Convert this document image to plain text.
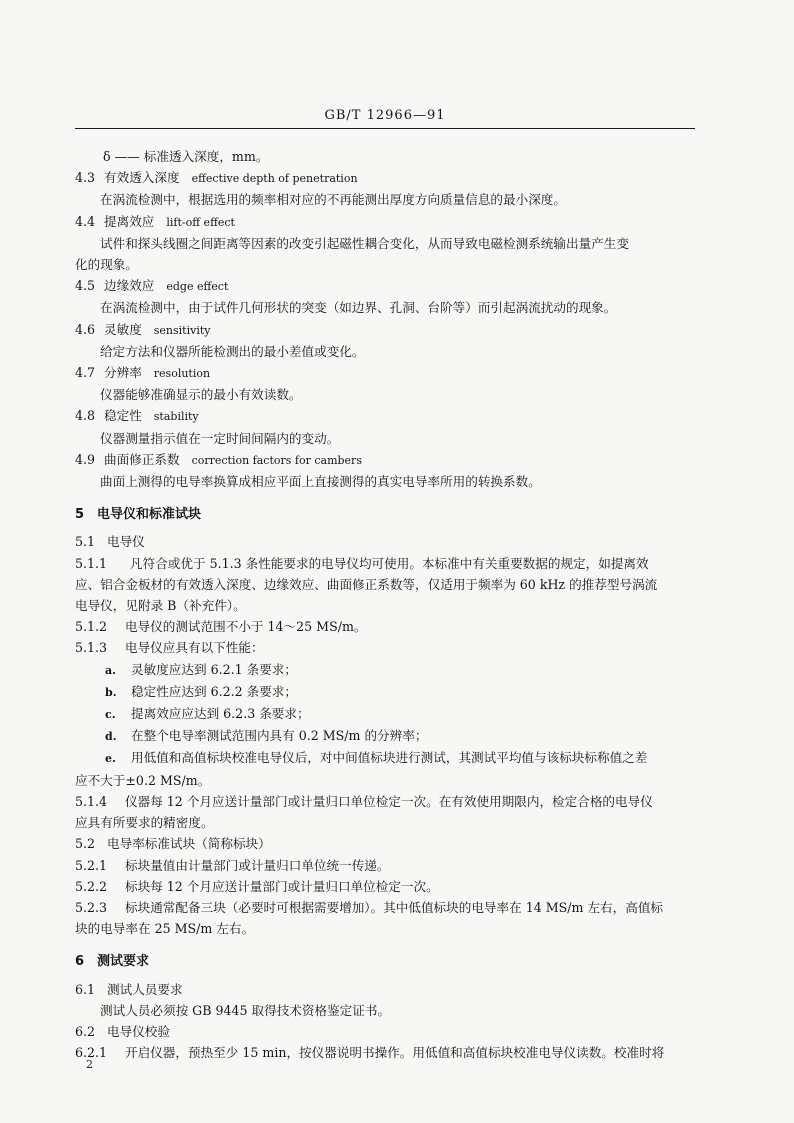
GB/T 12966—91
δ —— 标准透入深度，mm。
4.3 有效透入深度 effective depth of penetration
在涡流检测中，根据选用的频率相对应的不再能测出厚度方向质量信息的最小深度。
4.4 提离效应 lift-off effect
试件和探头线圈之间距离等因素的改变引起磁性耦合变化，从而导致电磁检测系统输出量产生变
化的现象。
4.5 边缘效应 edge effect
在涡流检测中，由于试件几何形状的突变（如边界、孔洞、台阶等）而引起涡流扰动的现象。
4.6 灵敏度 sensitivity
给定方法和仪器所能检测出的最小差值或变化。
4.7 分辨率 resolution
仪器能够准确显示的最小有效读数。
4.8 稳定性 stability
仪器测量指示值在一定时间间隔内的变动。
4.9 曲面修正系数 correction factors for cambers
曲面上测得的电导率换算成相应平面上直接测得的真实电导率所用的转换系数。
5 电导仪和标准试块
5.1 电导仪
5.1.1 凡符合或优于 5.1.3 条性能要求的电导仪均可使用。本标准中有关重要数据的规定，如提离效
应、铝合金板材的有效透入深度、边缘效应、曲面修正系数等，仅适用于频率为 60 kHz 的推荐型号涡流
电导仪，见附录 B（补充件）。
5.1.2 电导仪的测试范围不小于 14～25 MS/m。
5.1.3 电导仪应具有以下性能：
a. 灵敏度应达到 6.2.1 条要求；
b. 稳定性应达到 6.2.2 条要求；
c. 提离效应应达到 6.2.3 条要求；
d. 在整个电导率测试范围内具有 0.2 MS/m 的分辨率；
e. 用低值和高值标块校准电导仪后，对中间值标块进行测试，其测试平均值与该标块标称值之差
应不大于±0.2 MS/m。
5.1.4 仪器每 12 个月应送计量部门或计量归口单位检定一次。在有效使用期限内，检定合格的电导仪
应具有所要求的精密度。
5.2 电导率标准试块（简称标块）
5.2.1 标块量值由计量部门或计量归口单位统一传递。
5.2.2 标块每 12 个月应送计量部门或计量归口单位检定一次。
5.2.3 标块通常配备三块（必要时可根据需要增加）。其中低值标块的电导率在 14 MS/m 左右，高值标
块的电导率在 25 MS/m 左右。
6 测试要求
6.1 测试人员要求
测试人员必须按 GB 9445 取得技术资格鉴定证书。
6.2 电导仪校验
6.2.1 开启仪器，预热至少 15 min，按仪器说明书操作。用低值和高值标块校准电导仪读数。校准时将
2
